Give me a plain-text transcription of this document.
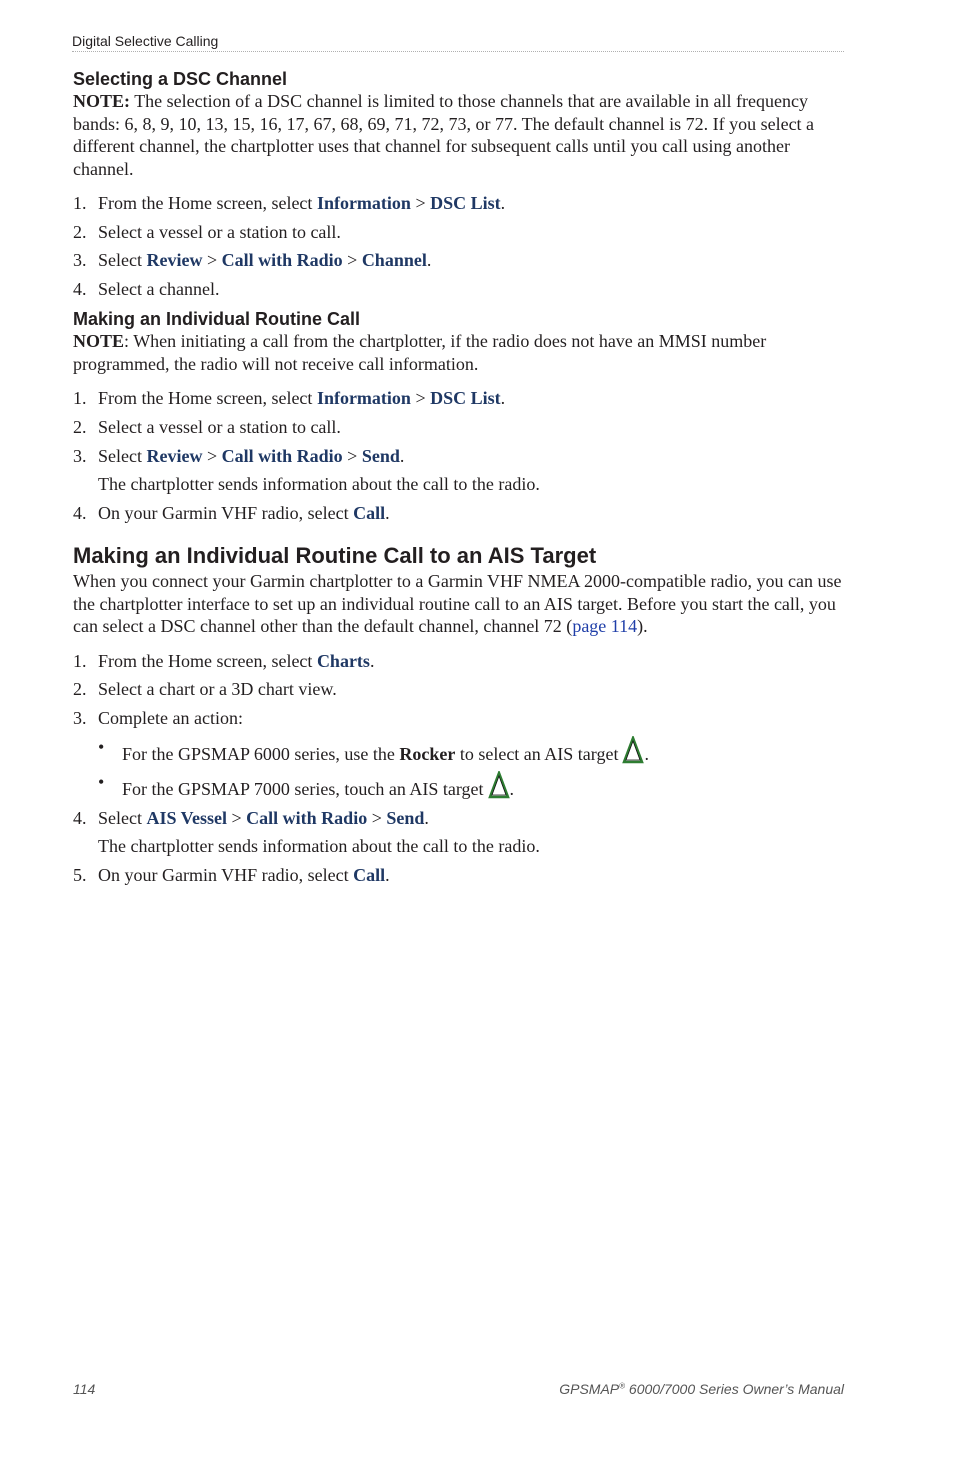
Digital Selective Calling
Selecting a DSC Channel

NOTE: The selection of a DSC channel is limited to those channels that are available in all frequency bands: 6, 8, 9, 10, 13, 15, 16, 17, 67, 68, 69, 71, 72, 73, or 77. The default channel is 72. If you select a different channel, the chartplotter uses that channel for subsequent calls until you call using another channel.

1. From the Home screen, select Information > DSC List.
2. Select a vessel or a station to call.
3. Select Review > Call with Radio > Channel.
4. Select a channel.
Making an Individual Routine Call

NOTE: When initiating a call from the chartplotter, if the radio does not have an MMSI number programmed, the radio will not receive call information.

1. From the Home screen, select Information > DSC List.
2. Select a vessel or a station to call.
3. Select Review > Call with Radio > Send.
The chartplotter sends information about the call to the radio.
4. On your Garmin VHF radio, select Call.
Making an Individual Routine Call to an AIS Target

When you connect your Garmin chartplotter to a Garmin VHF NMEA 2000-compatible radio, you can use the chartplotter interface to set up an individual routine call to an AIS target. Before you start the call, you can select a DSC channel other than the default channel, channel 72 (page 114).

1. From the Home screen, select Charts.
2. Select a chart or a 3D chart view.
3. Complete an action:
• For the GPSMAP 6000 series, use the Rocker to select an AIS target .
• For the GPSMAP 7000 series, touch an AIS target .
4. Select AIS Vessel > Call with Radio > Send.
The chartplotter sends information about the call to the radio.
5. On your Garmin VHF radio, select Call.
114	GPSMAP® 6000/7000 Series Owner’s Manual
